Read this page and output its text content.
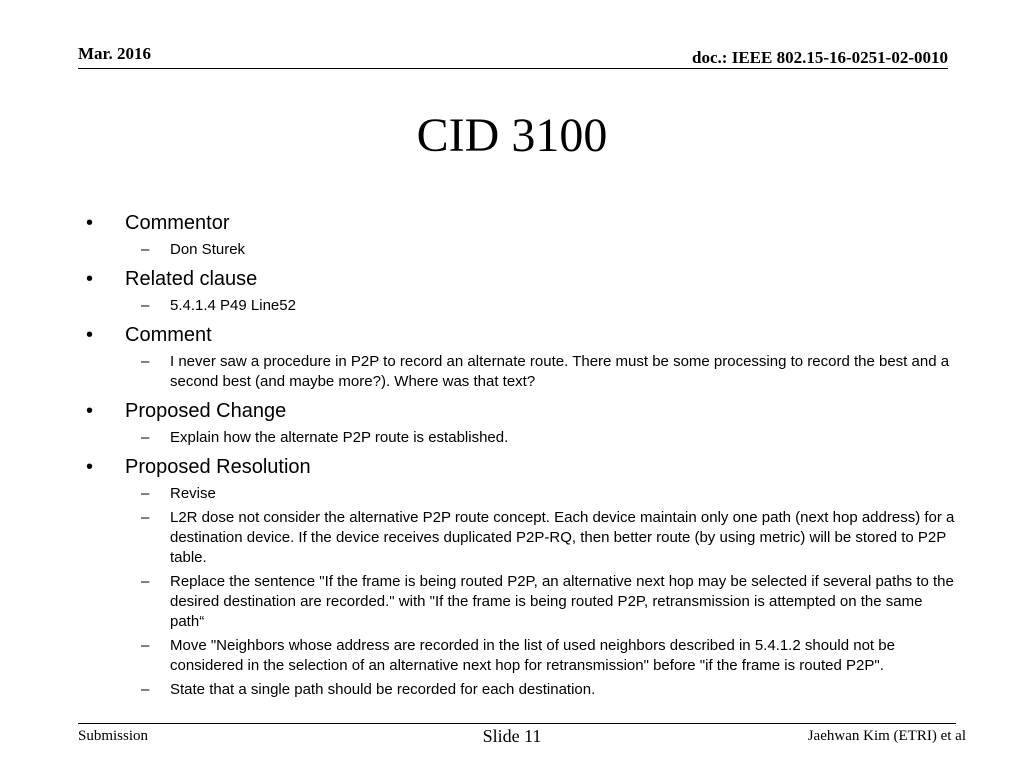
Mar. 2016	doc.: IEEE 802.15-16-0251-02-0010
CID 3100
•	Commentor
–	Don Sturek
•	Related clause
–	5.4.1.4 P49 Line52
•	Comment
–	I never saw a procedure in P2P to record an alternate route. There must be some processing to record the best and a second best (and maybe more?). Where was that text?
•	Proposed Change
–	Explain how the alternate P2P route is established.
•	Proposed Resolution
–	Revise
–	L2R dose not consider the alternative P2P route concept. Each device maintain only one path (next hop address) for a destination device. If the device receives duplicated P2P-RQ, then better route (by using metric) will be stored to P2P table.
–	Replace the sentence "If the frame is being routed P2P, an alternative next hop may be selected if several paths to the desired destination are recorded." with "If the frame is being routed P2P, retransmission is attempted on the same path“
–	Move "Neighbors whose address are recorded in the list of used neighbors described in 5.4.1.2 should not be considered in the selection of an alternative next hop for retransmission" before "if the frame is routed P2P".
–	State that a single path should be recorded for each destination.
Submission	Slide 11	Jaehwan Kim (ETRI) et al
